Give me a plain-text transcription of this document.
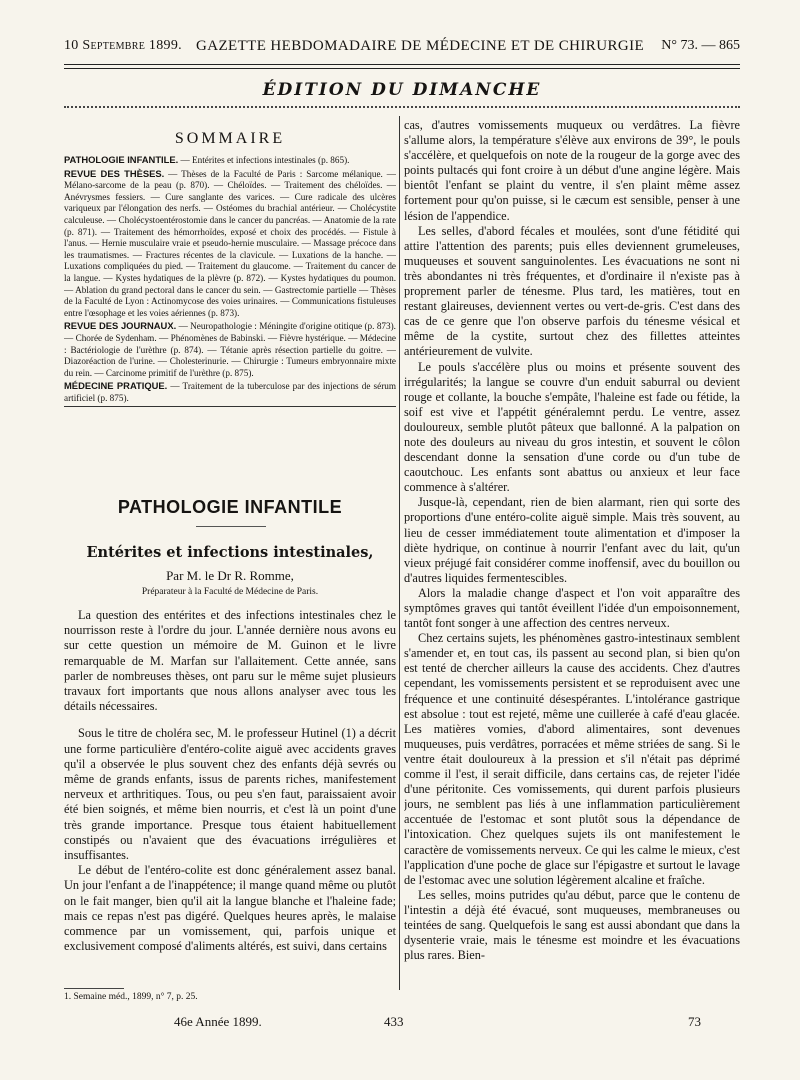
10 Septembre 1899. GAZETTE HEBDOMADAIRE DE MÉDECINE ET DE CHIRURGIE N° 73. — 865
ÉDITION DU DIMANCHE
SOMMAIRE

PATHOLOGIE INFANTILE. — Entérites et infections intestinales (p. 865).

REVUE DES THÈSES. — Thèses de la Faculté de Paris : Sarcome mélanique. — Mélano-sarcome de la peau (p. 870). — Chéloïdes. — Traitement des chéloïdes. — Anévrysmes fessiers. — Cure sanglante des varices. — Cure radicale des ulcères variqueux par l'élongation des nerfs. — Ostéomes du brachial antérieur. — Cholécystite calculeuse. — Cholécystoentérostomie dans le cancer du pancréas. — Anatomie de la rate (p. 871). — Traitement des hémorrhoïdes, exposé et choix des procédés. — Fistule à l'anus. — Hernie musculaire vraie et pseudo-hernie musculaire. — Massage précoce dans les traumatismes. — Fractures récentes de la clavicule. — Luxations de la hanche. — Luxations compliquées du pied. — Traitement du glaucome. — Traitement du cancer de la langue. — Kystes hydatiques de la plèvre (p. 872). — Kystes hydatiques du poumon. — Ablation du grand pectoral dans le cancer du sein. — Gastrectomie partielle — Thèses de la Faculté de Lyon : Actinomycose des voies urinaires. — Communications fistuleuses entre l'œsophage et les voies aériennes (p. 873).

REVUE DES JOURNAUX. — Neuropathologie : Méningite d'origine otitique (p. 873). — Chorée de Sydenham. — Phénomènes de Babinski. — Fièvre hystérique. — Médecine : Bactériologie de l'urèthre (p. 874). — Tétanie après résection partielle du goitre. — Diazoréaction de l'urine. — Cholesterinurie. — Chirurgie : Tumeurs embryonnaire mixte du rein. — Carcinome primitif de l'urèthre (p. 875).

MÉDECINE PRATIQUE. — Traitement de la tuberculose par des injections de sérum artificiel (p. 875).

PATHOLOGIE INFANTILE
Entérites et infections intestinales,
Par M. le Dr R. Romme,
Préparateur à la Faculté de Médecine de Paris.

La question des entérites et des infections intestinales chez le nourrisson reste à l'ordre du jour. L'année dernière nous avons eu sur cette question un mémoire de M. Guinon et le livre remarquable de M. Marfan sur l'allaitement. Cette année, sans parler de nombreuses thèses, ont paru sur le même sujet plusieurs travaux fort importants que nous allons analyser avec tous les détails nécessaires.

Sous le titre de choléra sec, M. le professeur Hutinel (1) a décrit une forme particulière d'entéro-colite aiguë avec accidents graves qu'il a observée le plus souvent chez des enfants déjà sevrés ou même de grands enfants, issus de parents riches, manifestement nerveux et arthritiques. Tous, ou peu s'en faut, paraissaient avoir été bien soignés, et même bien nourris, et c'est là un point d'une très grande importance. Presque tous étaient habituellement constipés ou n'avaient que des évacuations irrégulières et insuffisantes.

Le début de l'entéro-colite est donc généralement assez banal. Un jour l'enfant a de l'inappétence; il mange quand même ou plutôt on le fait manger, bien qu'il ait la langue blanche et l'haleine fade; mais ce repas n'est pas digéré. Quelques heures après, le malaise commence par un vomissement, qui, parfois unique et exclusivement composé d'aliments altérés, est suivi, dans certains

1. Semaine méd., 1899, n° 7, p. 25.

cas, d'autres vomissements muqueux ou verdâtres. La fièvre s'allume alors, la température s'élève aux environs de 39°, le pouls s'accélère, et quelquefois on note de la rougeur de la gorge avec des points pultacés qui font croire à un début d'une angine légère. Mais bientôt l'enfant se plaint du ventre, il s'en plaint même assez fortement pour qu'on puisse, si le cæcum est sensible, penser à une lésion de l'appendice.

Les selles, d'abord fécales et moulées, sont d'une fétidité qui attire l'attention des parents; puis elles deviennent grumeleuses, muqueuses et souvent sanguinolentes. Les évacuations ne sont ni très abondantes ni très fréquentes, et d'ordinaire il n'existe pas à proprement parler de ténesme. Plus tard, les matières, tout en restant glaireuses, deviennent vertes ou vert-de-gris. C'est dans des cas de ce genre que l'on observe parfois du ténesme vésical et même de la cystite, surtout chez des fillettes atteintes antérieurement de vulvite.

Le pouls s'accélère plus ou moins et présente souvent des irrégularités; la langue se couvre d'un enduit saburral ou devient rouge et collante, la bouche s'empâte, l'haleine est fade ou fétide, la soif est vive et l'appétit généralemnt perdu. Le ventre, assez douloureux, semble plutôt pâteux que ballonné. A la palpation on note des douleurs au niveau du gros intestin, et souvent le côlon descendant donne la sensation d'une corde ou d'un tube de caoutchouc. Les enfants sont abattus ou anxieux et leur face commence à s'altérer.

Jusque-là, cependant, rien de bien alarmant, rien qui sorte des proportions d'une entéro-colite aiguë simple. Mais très souvent, au lieu de cesser immédiatement toute alimentation et d'imposer la diète hydrique, on continue à nourrir l'enfant avec du lait, qu'un vieux préjugé fait considérer comme inoffensif, avec du bouillon ou d'autres liquides fermentescibles.

Alors la maladie change d'aspect et l'on voit apparaître des symptômes graves qui tantôt éveillent l'idée d'un empoisonnement, tantôt font songer à une affection des centres nerveux.

Chez certains sujets, les phénomènes gastro-intestinaux semblent s'amender et, en tout cas, ils passent au second plan, si bien qu'on est tenté de chercher ailleurs la cause des accidents. Chez d'autres cependant, les vomissements persistent et se reproduisent avec une fréquence et une continuité désespérantes. L'intolérance gastrique est absolue : tout est rejeté, même une cuillerée à café d'eau glacée. Les matières vomies, d'abord alimentaires, sont devenues muqueuses, puis verdâtres, porracées et même striées de sang. Si le ventre était douloureux à la pression et s'il n'était pas déprimé comme il l'est, il serait difficile, dans certains cas, de rejeter l'idée d'une péritonite. Ces vomissements, qui durent parfois plusieurs jours, ne semblent pas liés à une inflammation particulièrement accentuée de l'estomac et sont plutôt sous la dépendance de l'intoxication. Chez quelques sujets ils ont manifestement le caractère de vomissements nerveux. Ce qui les calme le mieux, c'est l'application d'une poche de glace sur l'épigastre et surtout le lavage de l'estomac avec une solution légèrement alcaline et fraîche.

Les selles, moins putrides qu'au début, parce que le contenu de l'intestin a déjà été évacué, sont muqueuses, membraneuses ou teintées de sang. Quelquefois le sang est aussi abondant que dans la dysenterie vraie, mais le ténesme est moindre et les évacuations plus rares. Bien-

46e Année 1899.	433	73
